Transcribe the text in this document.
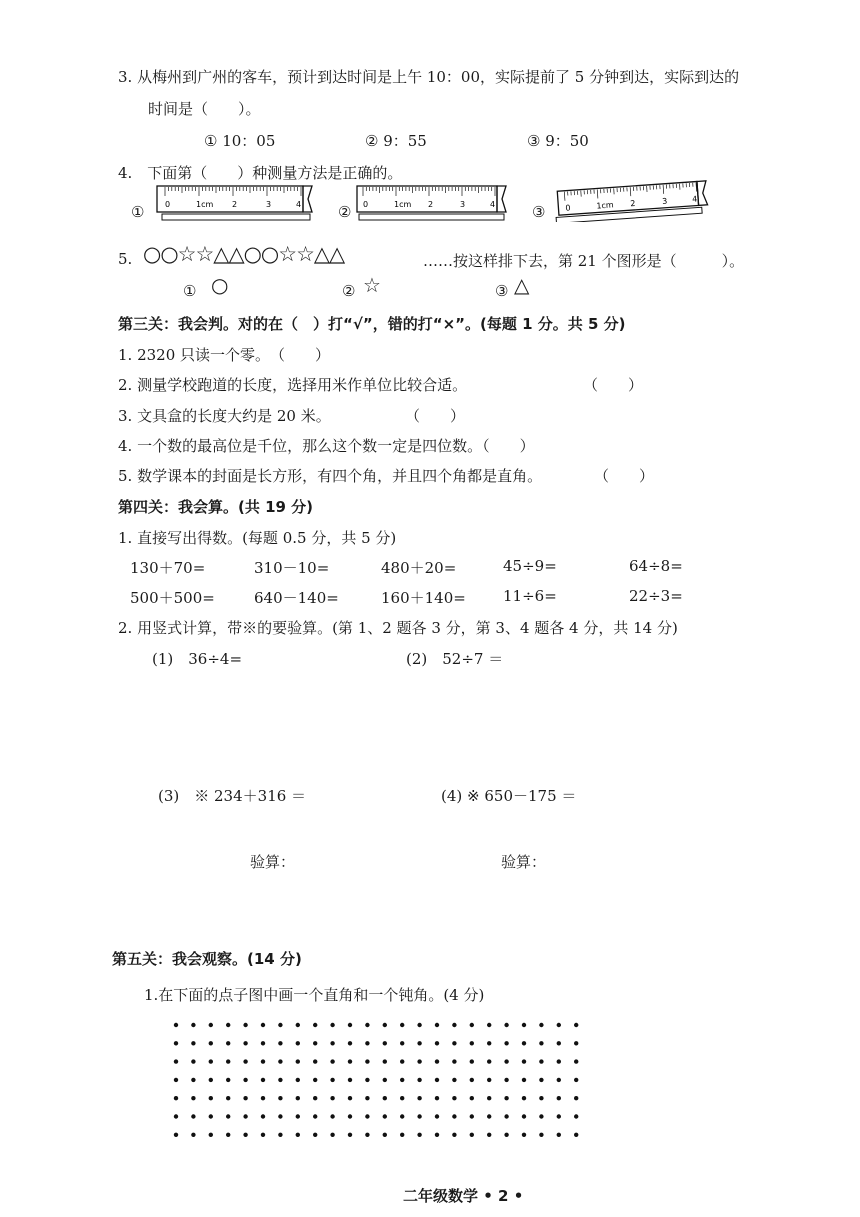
3. 从梅州到广州的客车，预计到达时间是上午 10：00，实际提前了 5 分钟到达，实际到达的
时间是（　　）。
① 10：05	② 9：55	③ 9：50
4.　下面第（　　）种测量方法是正确的。
①	0	1cm 2	3	4 ② 0	1cm 2	3	4 ③ 0	1cm 2	3	4
5. ○○☆☆△△○○☆☆△△	……按这样排下去，第 21 个图形是（　　　）。
① ○	② ☆	③ △
第三关：我会判。对的在（　）打“√”，错的打“×”。(每题 1 分。共 5 分)
1. 2320 只读一个零。　（　　）
2. 测量学校跑道的长度，选择用米作单位比较合适。	（　　）
3. 文具盒的长度大约是 20 米。	（　　）
4. 一个数的最高位是千位，那么这个数一定是四位数。（　　）
5. 数学课本的封面是长方形，有四个角，并且四个角都是直角。	（　　）
第四关：我会算。(共 19 分)
1. 直接写出得数。(每题 0.5 分，共 5 分)
130＋70=	310－10=	480＋20=	45÷9=	64÷8=
500＋500=	640－140=	160＋140= 11÷6=	22÷3=
2. 用竖式计算，带※的要验算。(第 1、2 题各 3 分，第 3、4 题各 4 分，共 14 分)
(1)　36÷4=	(2)　52÷7 ＝
(3)　※ 234＋316 ＝	(4) ※ 650－175 ＝
验算：	验算：
第五关：我会观察。(14 分)
1.在下面的点子图中画一个直角和一个钝角。(4 分)
二年级数学 • 2 •
